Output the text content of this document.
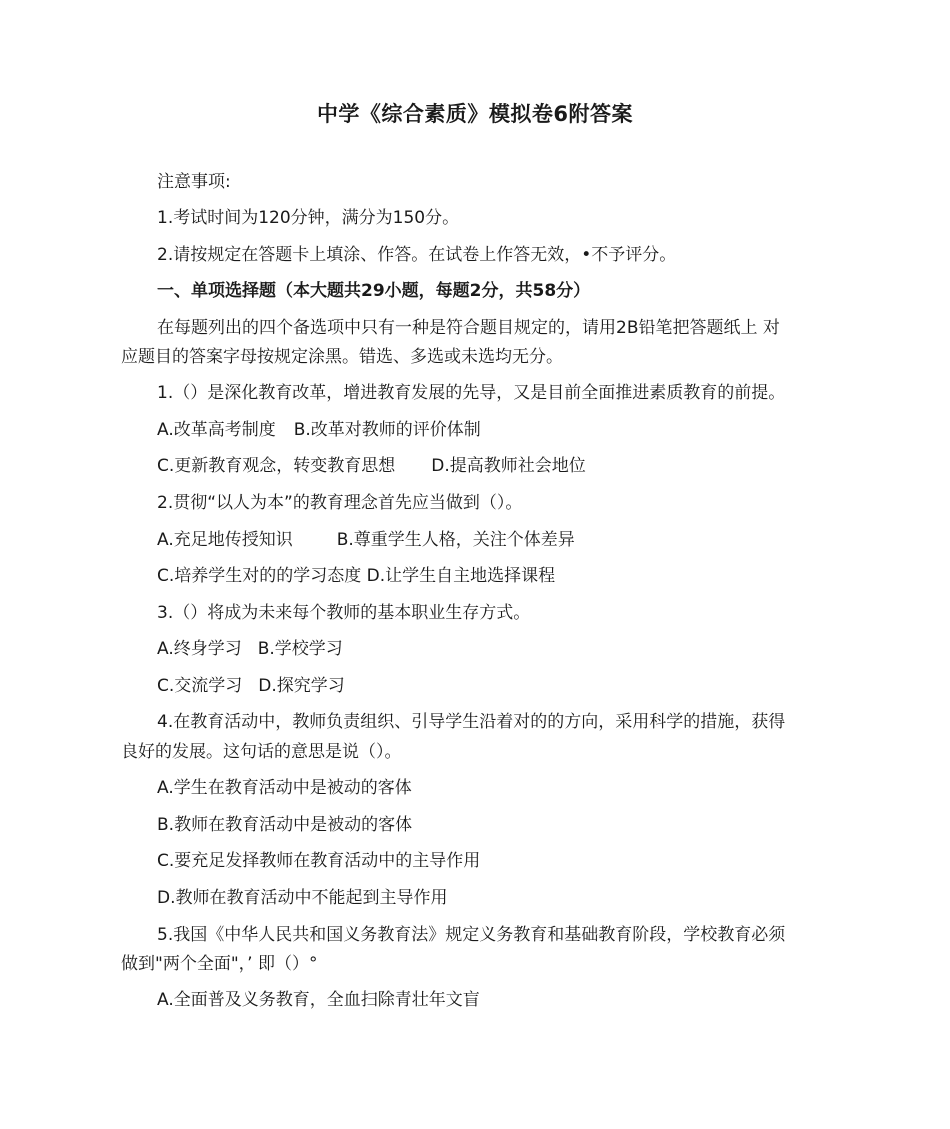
中学《综合素质》模拟卷6附答案
注意事项:
1.考试时间为120分钟，满分为150分。
2.请按规定在答题卡上填涂、作答。在试卷上作答无效，•不予评分。
一、单项选择题（本大题共29小题，每题2分，共58分）
在每题列出的四个备选项中只有一种是符合题目规定的，请用2B铅笔把答题纸上 对
应题目的答案字母按规定涂黑。错选、多选或未选均无分。
1.（）是深化教育改革，增进教育发展的先导，又是目前全面推进素质教育的前提。
A.改革高考制度 B.改革对教师的评价体制
C.更新教育观念，转变教育思想 D.提高教师社会地位
2.贯彻“以人为本”的教育理念首先应当做到（）。
A.充足地传授知识	B.尊重学生人格，关注个体差异
C.培养学生对的的学习态度 D.让学生自主地选择课程
3.（）将成为未来每个教师的基本职业生存方式。
A.终身学习 B.学校学习
C.交流学习 D.探究学习
4.在教育活动中，教师负责组织、引导学生沿着对的的方向，采用科学的措施，获得
良好的发展。这句话的意思是说（）。
A.学生在教育活动中是被动的客体
B.教师在教育活动中是被动的客体
C.要充足发择教师在教育活动中的主导作用
D.教师在教育活动中不能起到主导作用
5.我国《中华人民共和国义务教育法》规定义务教育和基础教育阶段，学校教育必须
做到"两个全面"，’ 即（）°
A.全面普及义务教育，全血扫除青壮年文盲
